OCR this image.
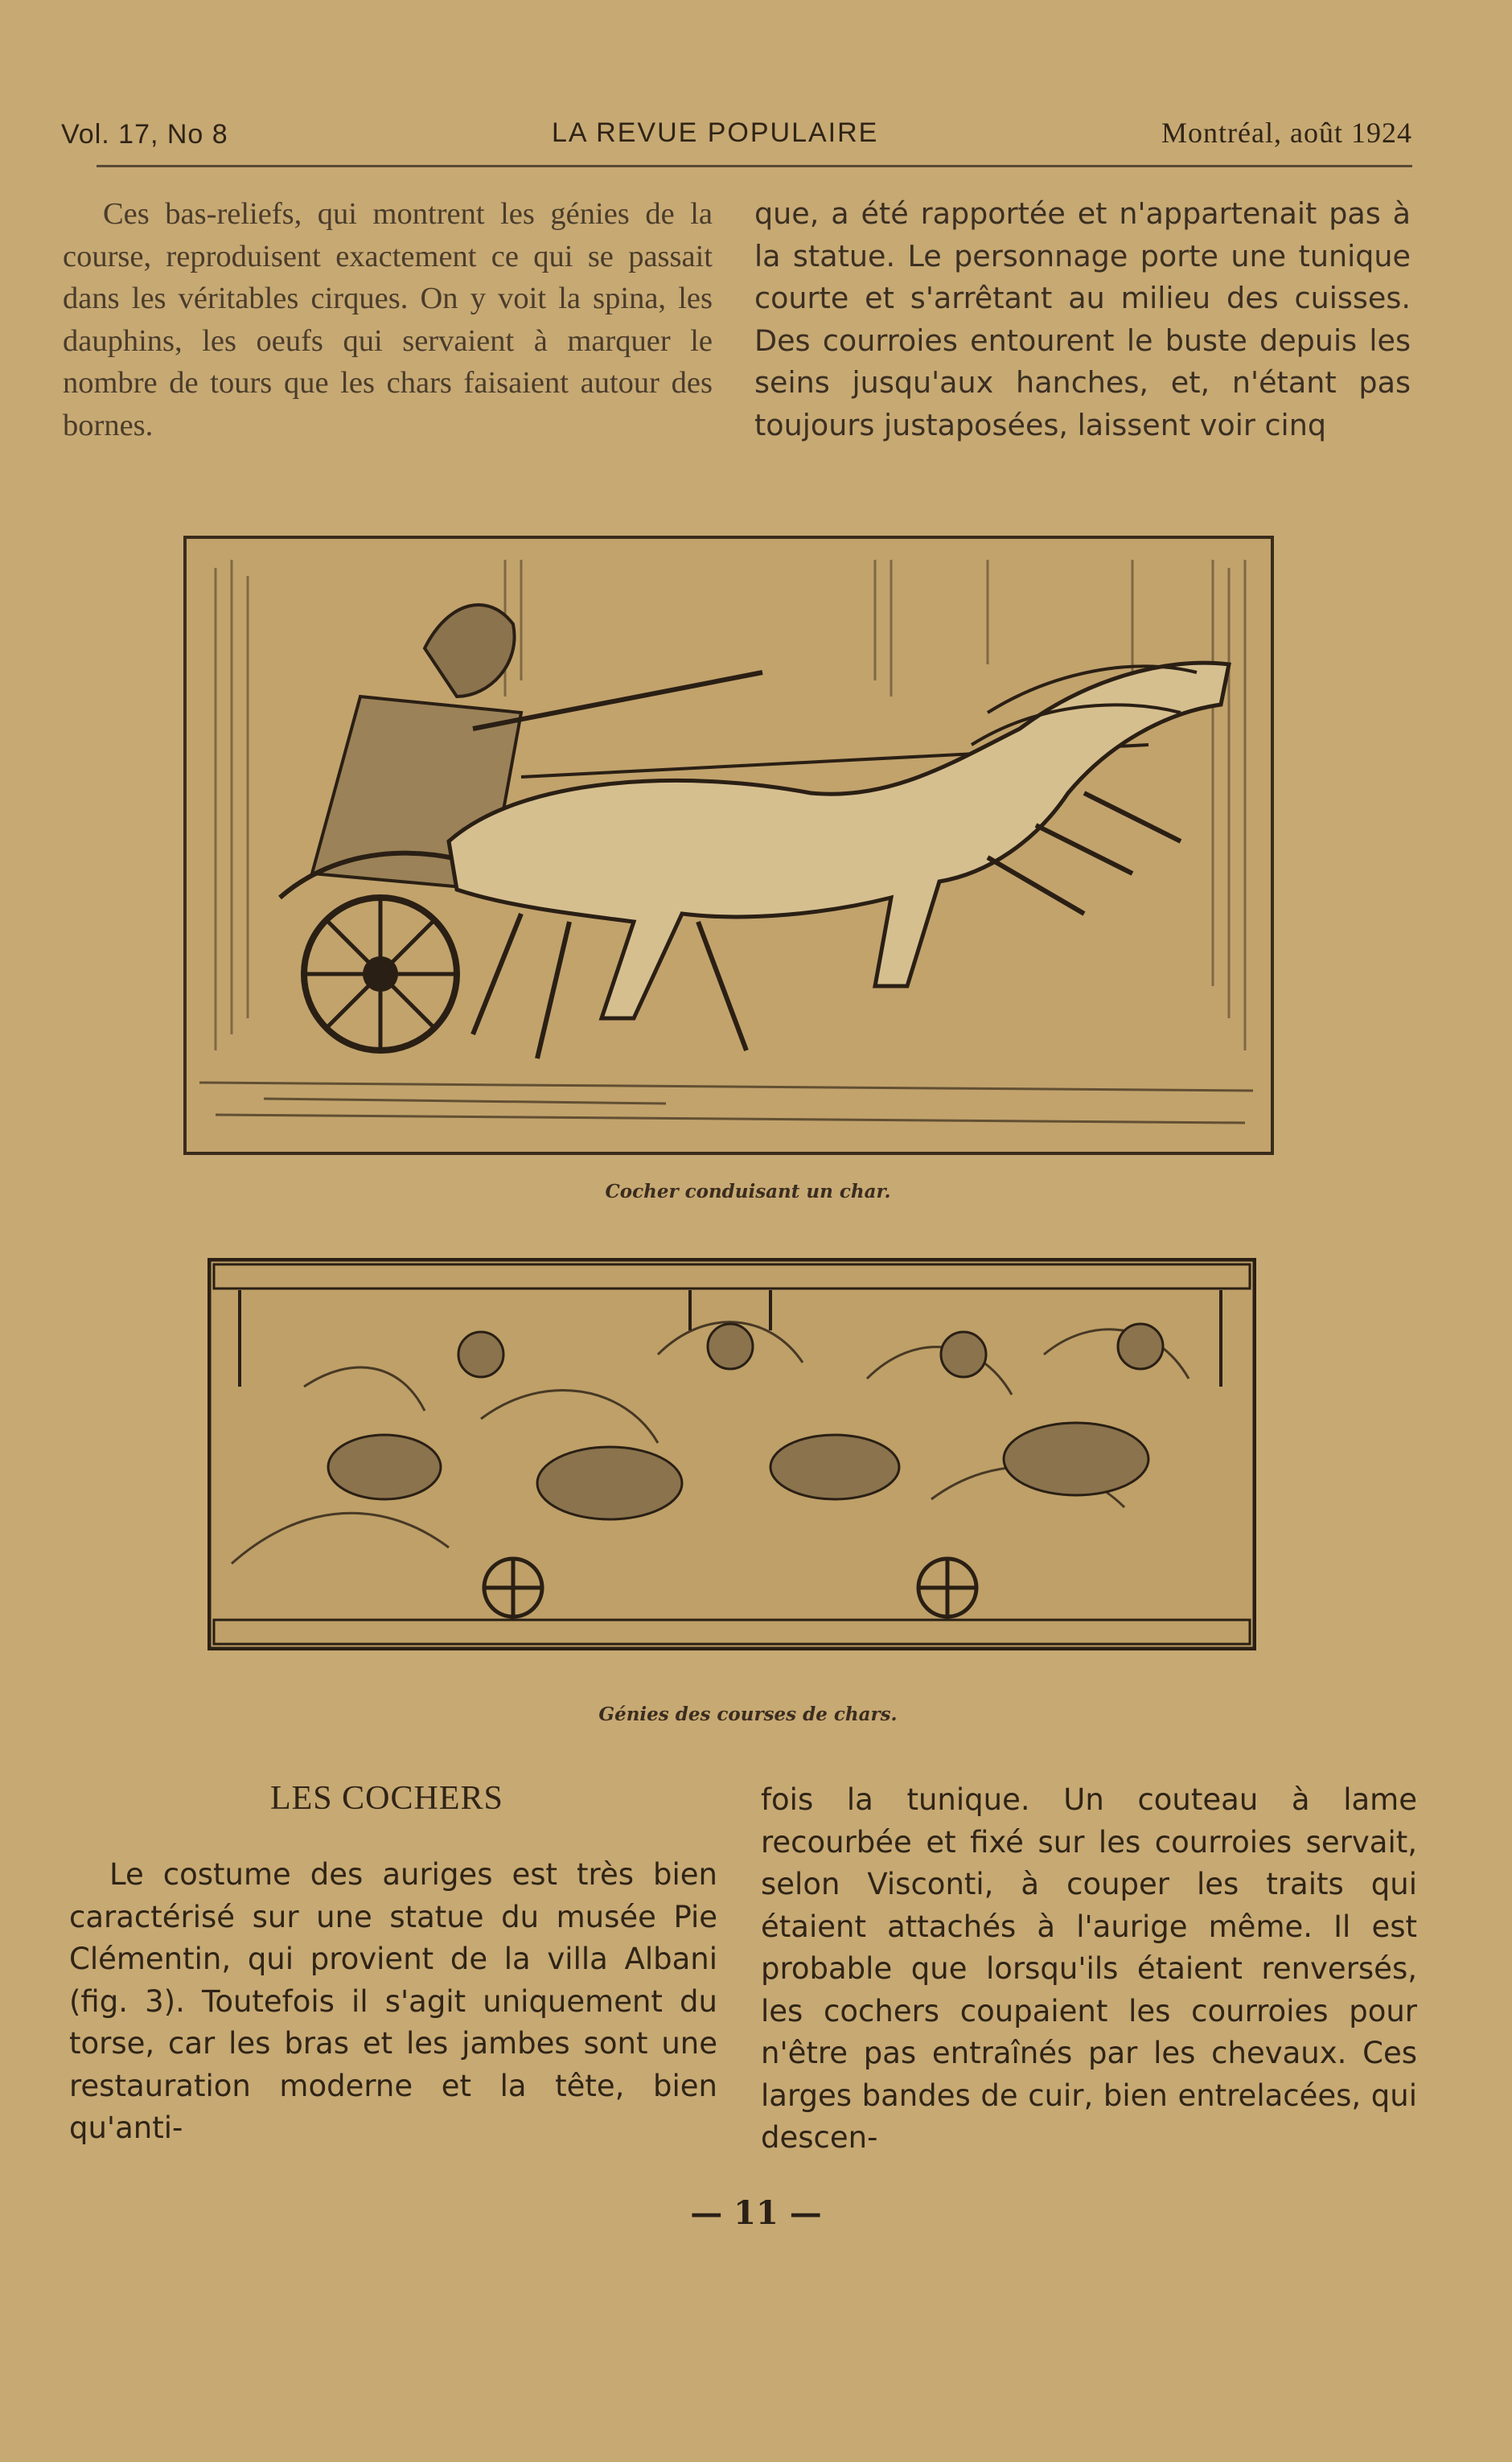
Vol. 17, No 8	LA REVUE POPULAIRE	Montréal, août 1924

Ces bas-reliefs, qui montrent les génies de la course, reproduisent exactement ce qui se passait dans les véritables cirques. On y voit la spina, les dauphins, les oeufs qui servaient à marquer le nombre de tours que les chars faisaient autour des bornes.

que, a été rapportée et n'appartenait pas à la statue. Le personnage porte une tunique courte et s'arrêtant au milieu des cuisses. Des courroies entourent le buste depuis les seins jusqu'aux hanches, et, n'étant pas toujours justaposées, laissent voir cinq

Cocher conduisant un char.
Génies des courses de chars.
LES COCHERS

Le costume des auriges est très bien caractérisé sur une statue du musée Pie Clémentin, qui provient de la villa Albani (fig. 3). Toutefois il s'agit uniquement du torse, car les bras et les jambes sont une restauration moderne et la tête, bien qu'anti-

fois la tunique. Un couteau à lame recourbée et fixé sur les courroies servait, selon Visconti, à couper les traits qui étaient attachés à l'aurige même. Il est probable que lorsqu'ils étaient renversés, les cochers coupaient les courroies pour n'être pas entraînés par les chevaux. Ces larges bandes de cuir, bien entrelacées, qui descen-

— 11 —
